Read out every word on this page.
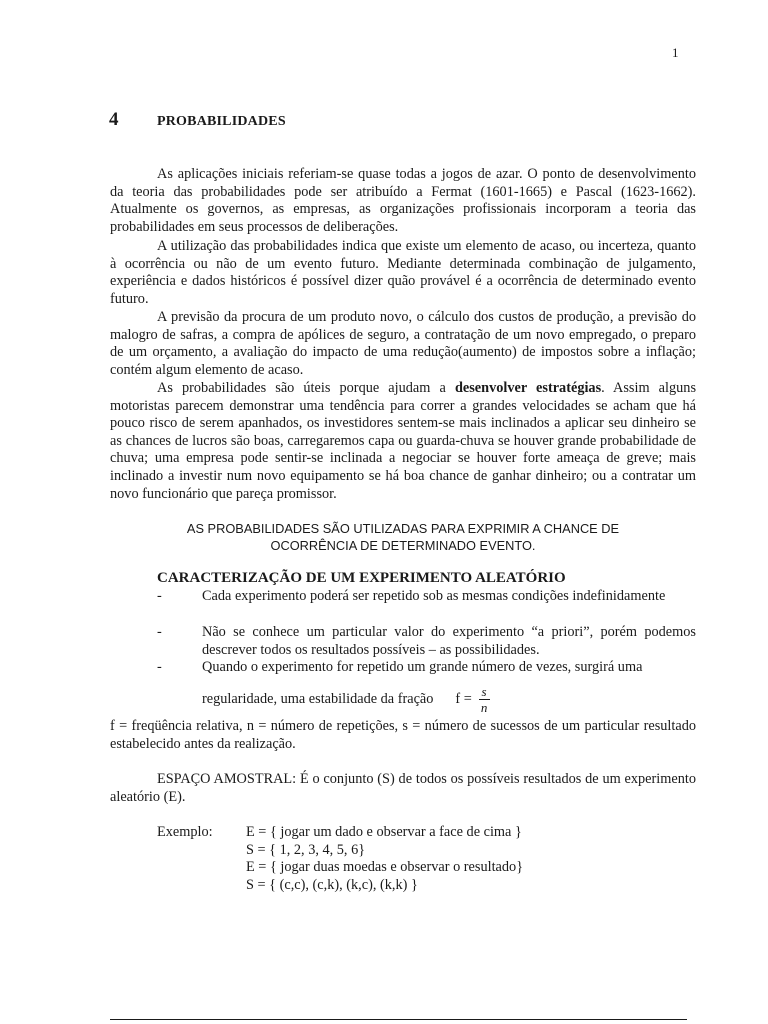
1
4	PROBABILIDADES

As aplicações iniciais referiam-se quase todas a jogos de azar. O ponto de desenvolvimento da teoria das probabilidades pode ser atribuído a Fermat (1601-1665) e Pascal (1623-1662). Atualmente os governos, as empresas, as organizações profissionais incorporam a teoria das probabilidades em seus processos de deliberações.

A utilização das probabilidades indica que existe um elemento de acaso, ou incerteza, quanto à ocorrência ou não de um evento futuro. Mediante determinada combinação de julgamento, experiência e dados históricos é possível dizer quão provável é a ocorrência de determinado evento futuro.

A previsão da procura de um produto novo, o cálculo dos custos de produção, a previsão do malogro de safras, a compra de apólices de seguro, a contratação de um novo empregado, o preparo de um orçamento, a avaliação do impacto de uma redução(aumento) de impostos sobre a inflação; contém algum elemento de acaso.

As probabilidades são úteis porque ajudam a desenvolver estratégias. Assim alguns motoristas parecem demonstrar uma tendência para correr a grandes velocidades se acham que há pouco risco de serem apanhados, os investidores sentem-se mais inclinados a aplicar seu dinheiro se as chances de lucros são boas, carregaremos capa ou guarda-chuva se houver grande probabilidade de chuva; uma empresa pode sentir-se inclinada a negociar se houver forte ameaça de greve; mais inclinado a investir num novo equipamento se há boa chance de ganhar dinheiro; ou a contratar um novo funcionário que pareça promissor.

AS PROBABILIDADES SÃO UTILIZADAS PARA EXPRIMIR A CHANCE DE
OCORRÊNCIA DE DETERMINADO EVENTO.
CARACTERIZAÇÃO DE UM EXPERIMENTO ALEATÓRIO
-	Cada experimento poderá ser repetido sob as mesmas condições indefinidamente
-	Não se conhece um particular valor do experimento “a priori”, porém podemos descrever todos os resultados possíveis – as possibilidades.
-	Quando o experimento for repetido um grande número de vezes, surgirá uma
regularidade, uma estabilidade da fração $f = \frac{s}{n}$

f = freqüência relativa, n = número de repetições, s = número de sucessos de um particular resultado estabelecido antes da realização.

ESPAÇO AMOSTRAL: É o conjunto (S) de todos os possíveis resultados de um experimento aleatório (E).

Exemplo: E = { jogar um dado e observar a face de cima }
S = { 1, 2, 3, 4, 5, 6}
E = { jogar duas moedas e observar o resultado}
S = { (c,c), (c,k), (k,c), (k,k) }
